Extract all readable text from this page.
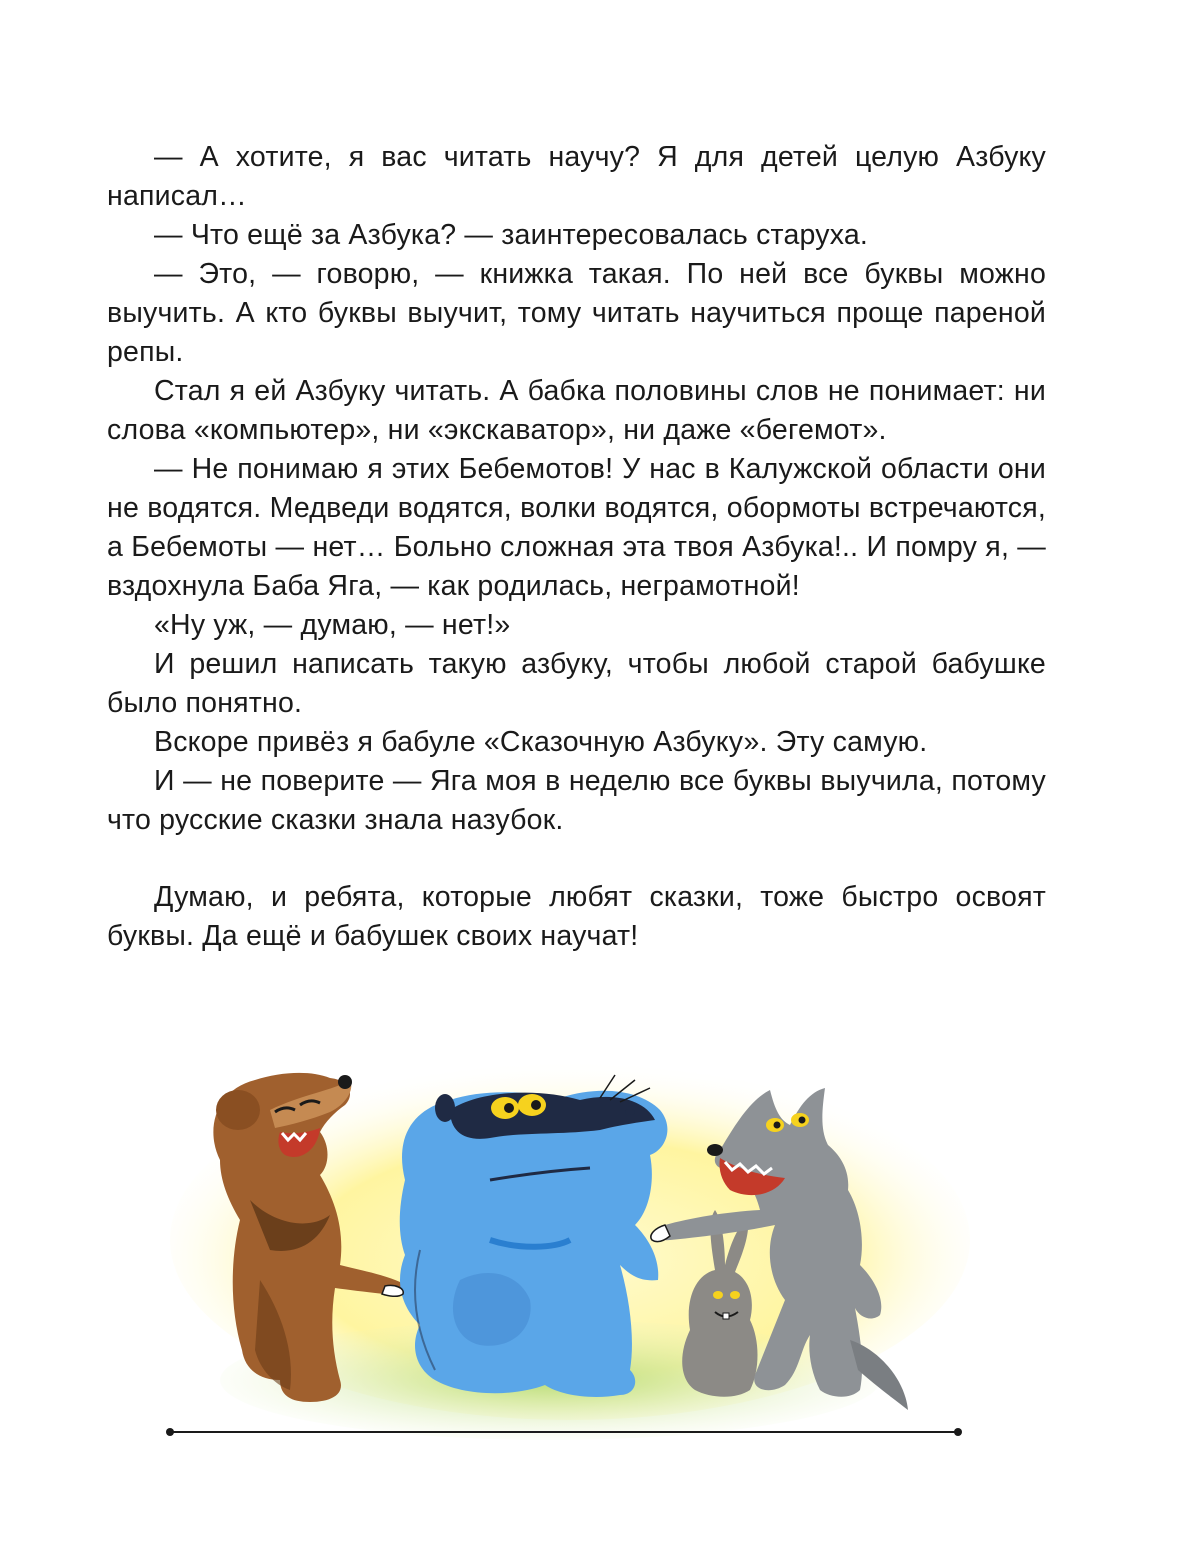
— А хотите, я вас читать научу? Я для детей целую Азбуку написал…

— Что ещё за Азбука? — заинтересовалась старуха.

— Это, — говорю, — книжка такая. По ней все буквы можно выучить. А кто буквы выучит, тому читать научиться проще пареной репы.

Стал я ей Азбуку читать. А бабка половины слов не понимает: ни слова «компьютер», ни «экскаватор», ни даже «бегемот».

— Не понимаю я этих Бебемотов! У нас в Калужской области они не водятся. Медведи водятся, волки водятся, обормоты встречаются, а Бебемоты — нет… Больно сложная эта твоя Азбука!.. И помру я, — вздохнула Баба Яга, — как родилась, неграмотной!

«Ну уж, — думаю, — нет!»

И решил написать такую азбуку, чтобы любой старой бабушке было понятно.

Вскоре привёз я бабуле «Сказочную Азбуку». Эту самую.

И — не поверите — Яга моя в неделю все буквы выучила, потому что русские сказки знала назубок.

Думаю, и ребята, которые любят сказки, тоже быстро освоят буквы. Да ещё и бабушек своих научат!
